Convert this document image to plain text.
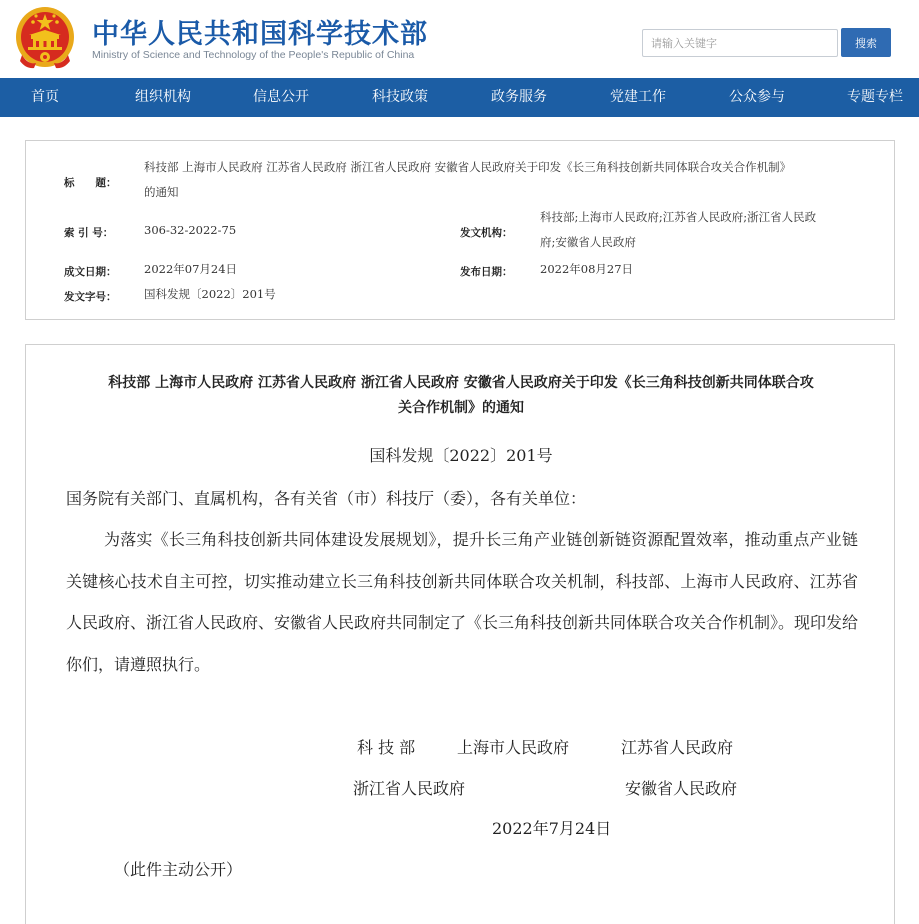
中华人民共和国科学技术部
Ministry of Science and Technology of the People's Republic of China
请输入关键字
搜索
首页	组织机构	信息公开	科技政策	政务服务	党建工作	公众参与	专题专栏
标　　题：
科技部 上海市人民政府 江苏省人民政府 浙江省人民政府 安徽省人民政府关于印发《长三角科技创新共同体联合攻关合作机制》
的通知
索 引 号：	306-32-2022-75	发文机构：
科技部;上海市人民政府;江苏省人民政府;浙江省人民政
府;安徽省人民政府
成文日期： 2022年07月24日	发布日期： 2022年08月27日
发文字号： 国科发规〔2022〕201号
科技部 上海市人民政府 江苏省人民政府 浙江省人民政府 安徽省人民政府关于印发《长三角科技创新共同体联合攻
关合作机制》的通知
国科发规〔2022〕201号
国务院有关部门、直属机构，各有关省（市）科技厅（委），各有关单位：

为落实《长三角科技创新共同体建设发展规划》，提升长三角产业链创新链资源配置效率，推动重点产业链关键核心技术自主可控，切实推动建立长三角科技创新共同体联合攻关机制，科技部、上海市人民政府、江苏省人民政府、浙江省人民政府、安徽省人民政府共同制定了《长三角科技创新共同体联合攻关合作机制》。现印发给你们，请遵照执行。

科 技 部	上海市人民政府	江苏省人民政府
浙江省人民政府	安徽省人民政府
2022年7月24日
（此件主动公开）
